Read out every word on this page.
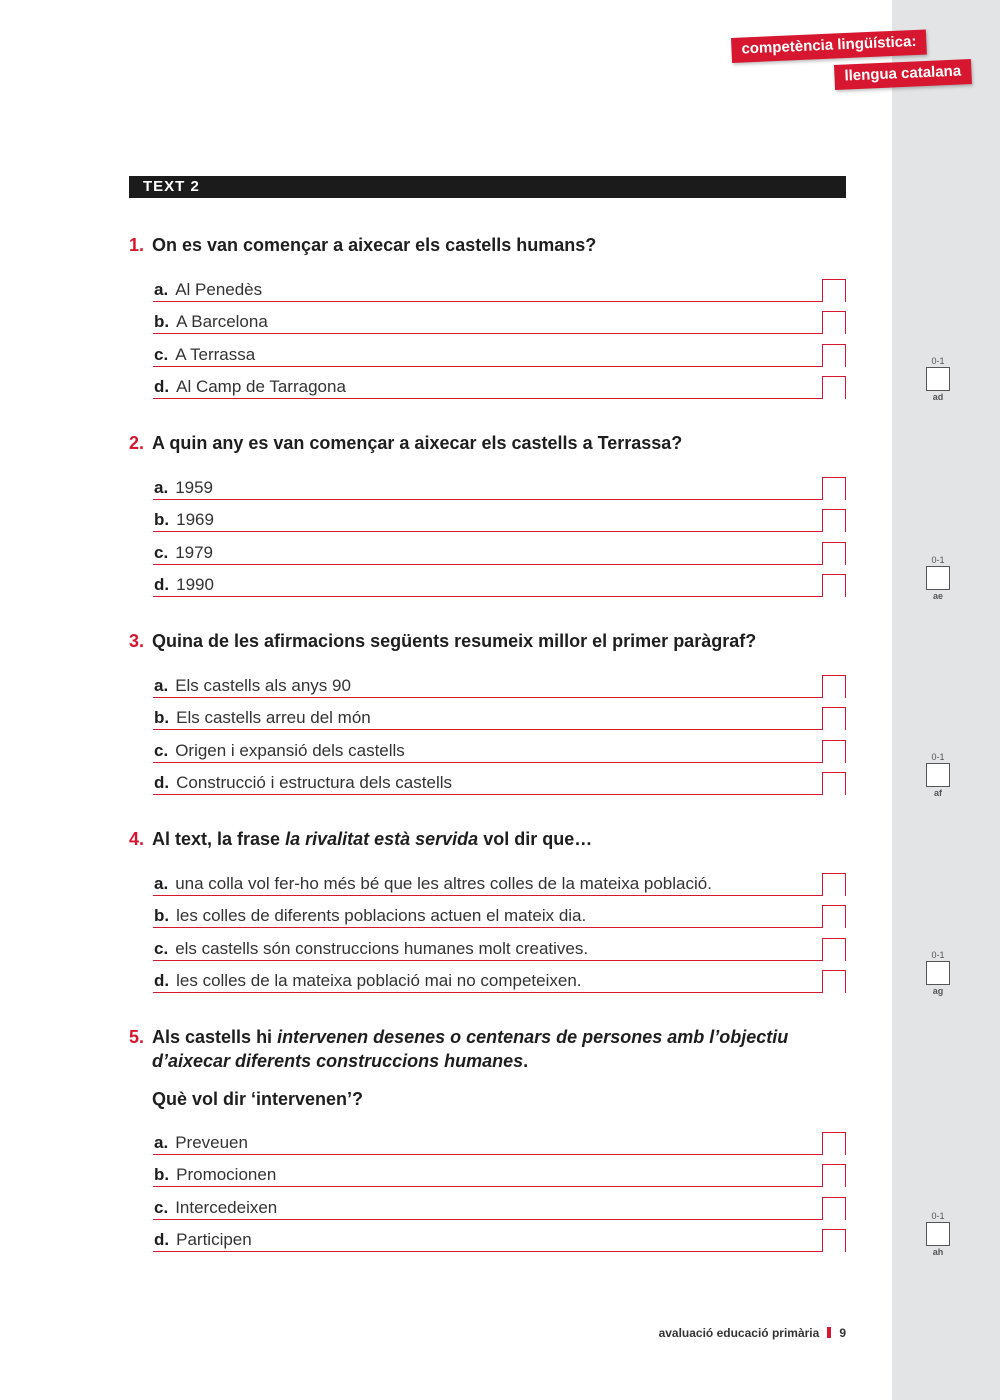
competència lingüística:
llengua catalana
TEXT 2
1. On es van començar a aixecar els castells humans?
a. Al Penedès
b. A Barcelona
c. A Terrassa
d. Al Camp de Tarragona
2. A quin any es van començar a aixecar els castells a Terrassa?
a. 1959
b. 1969
c. 1979
d. 1990
3. Quina de les afirmacions següents resumeix millor el primer paràgraf?
a. Els castells als anys 90
b. Els castells arreu del món
c. Origen i expansió dels castells
d. Construcció i estructura dels castells
4. Al text, la frase la rivalitat està servida vol dir que…
a. una colla vol fer-ho més bé que les altres colles de la mateixa població.
b. les colles de diferents poblacions actuen el mateix dia.
c. els castells són construccions humanes molt creatives.
d. les colles de la mateixa població mai no competeixen.
5. Als castells hi intervenen desenes o centenars de persones amb l’objectiu d’aixecar diferents construccions humanes.
Què vol dir ‘intervenen’?
a. Preveuen
b. Promocionen
c. Intercedeixen
d. Participen
avaluació educació primària 9
0-1
ad
0-1
ae
0-1
af
0-1
ag
0-1
ah
